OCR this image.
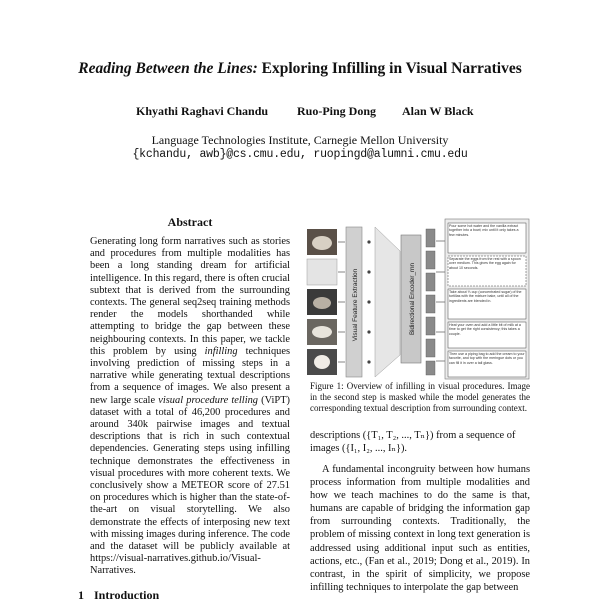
Reading Between the Lines: Exploring Infilling in Visual Narratives
Khyathi Raghavi Chandu Ruo-Ping Dong Alan W Black
Language Technologies Institute, Carnegie Mellon University
{kchandu, awb}@cs.cmu.edu, ruopingd@alumni.cmu.edu
Abstract
Generating long form narratives such as stories and procedures from multiple modalities has been a long standing dream for artificial intelligence. In this regard, there is often crucial subtext that is derived from the surrounding contexts. The general seq2seq training methods render the models shorthanded while attempting to bridge the gap between these neighbouring contexts. In this paper, we tackle this problem by using infilling techniques involving prediction of missing steps in a narrative while generating textual descriptions from a sequence of images. We also present a new large scale visual procedure telling (ViPT) dataset with a total of 46,200 procedures and around 340k pairwise images and textual descriptions that is rich in such contextual dependencies. Generating steps using infilling technique demonstrates the effectiveness in visual procedures with more coherent texts. We conclusively show a METEOR score of 27.51 on procedures which is higher than the state-of-the-art on visual storytelling. We also demonstrate the effects of interposing new text with missing images during inference. The code and the dataset will be publicly available at https://visual-narratives.github.io/Visual-Narratives.
1 Introduction
Visual Feature Extraction	Bidirectional Encoder_rnn
Pour some hot water and the vanilla extract together into a bowl; mix until it only takes a few minutes.
Separate the eggs from the rest with a spoon over medium. This gives the egg again for about 10 seconds.
Take about ⅓ cup (concentrated sugar) of the tortillas with the mixture bake, until all of the ingredients are blended in.
Heat your oven and add a little bit of milk at a time to get the right consistency; this takes a couple.
Then use a piping bag to add the cream to your favorite, and top with the meringue dots or you can fill it in over a tall glass.
Figure 1: Overview of infilling in visual procedures. Image in the second step is masked while the model generates the corresponding textual description from surrounding context.
descriptions ({T₁, T₂, ..., Tₙ}) from a sequence of
images ({I₁, I₂, ..., Iₙ}).
A fundamental incongruity between how humans process information from multiple modalities and how we teach machines to do the same is that, humans are capable of bridging the information gap from surrounding contexts. Traditionally, the problem of missing context in long text generation is addressed using additional input such as entities, actions, etc., (Fan et al., 2019; Dong et al., 2019). In contrast, in the spirit of simplicity, we propose infilling techniques to interpolate the gap between
